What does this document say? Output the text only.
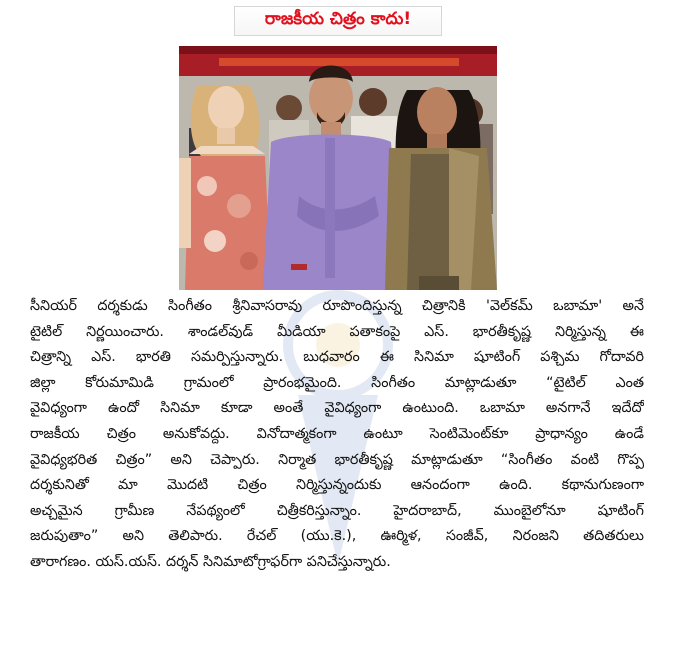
రాజకీయ చిత్రం కాదు!
సీనియర్ దర్శకుడు సింగీతం శ్రీనివాసరావు రూపొందిస్తున్న చిత్రానికి 'వెల్‌కమ్ ఒబామా' అనే
టైటిల్ నిర్ణయించారు. శాండల్‌వుడ్ మీడియా పతాకంపై ఎస్. భారతీకృష్ణ నిర్మిస్తున్న ఈ
చిత్రాన్ని ఎస్. భారతి సమర్పిస్తున్నారు. బుధవారం ఈ సినిమా షూటింగ్ పశ్చిమ గోదావరి
జిల్లా కోరుమామిడి గ్రామంలో ప్రారంభమైంది. సింగీతం మాట్లాడుతూ “టైటిల్ ఎంత
వైవిధ్యంగా ఉందో సినిమా కూడా అంతే వైవిధ్యంగా ఉంటుంది. ఒబామా అనగానే ఇదేదో
రాజకీయ చిత్రం అనుకోవద్దు. వినోదాత్మకంగా ఉంటూ సెంటిమెంట్‌కూ ప్రాధాన్యం ఉండే
వైవిధ్యభరిత చిత్రం” అని చెప్పారు. నిర్మాత భారతీకృష్ణ మాట్లాడుతూ “సింగీతం వంటి గొప్ప
దర్శకునితో మా మొదటి చిత్రం నిర్మిస్తున్నందుకు ఆనందంగా ఉంది. కథానుగుణంగా
అచ్చమైన గ్రామీణ నేపథ్యంలో చిత్రీకరిస్తున్నాం. హైదరాబాద్, ముంబైలోనూ షూటింగ్
జరుపుతాం” అని తెలిపారు. రేచల్ (యు.కె.), ఊర్మిళ, సంజీవ్, నిరంజని తదితరులు
తారాగణం. యస్.యస్. దర్శన్ సినిమాటోగ్రాఫర్‌గా పనిచేస్తున్నారు.
